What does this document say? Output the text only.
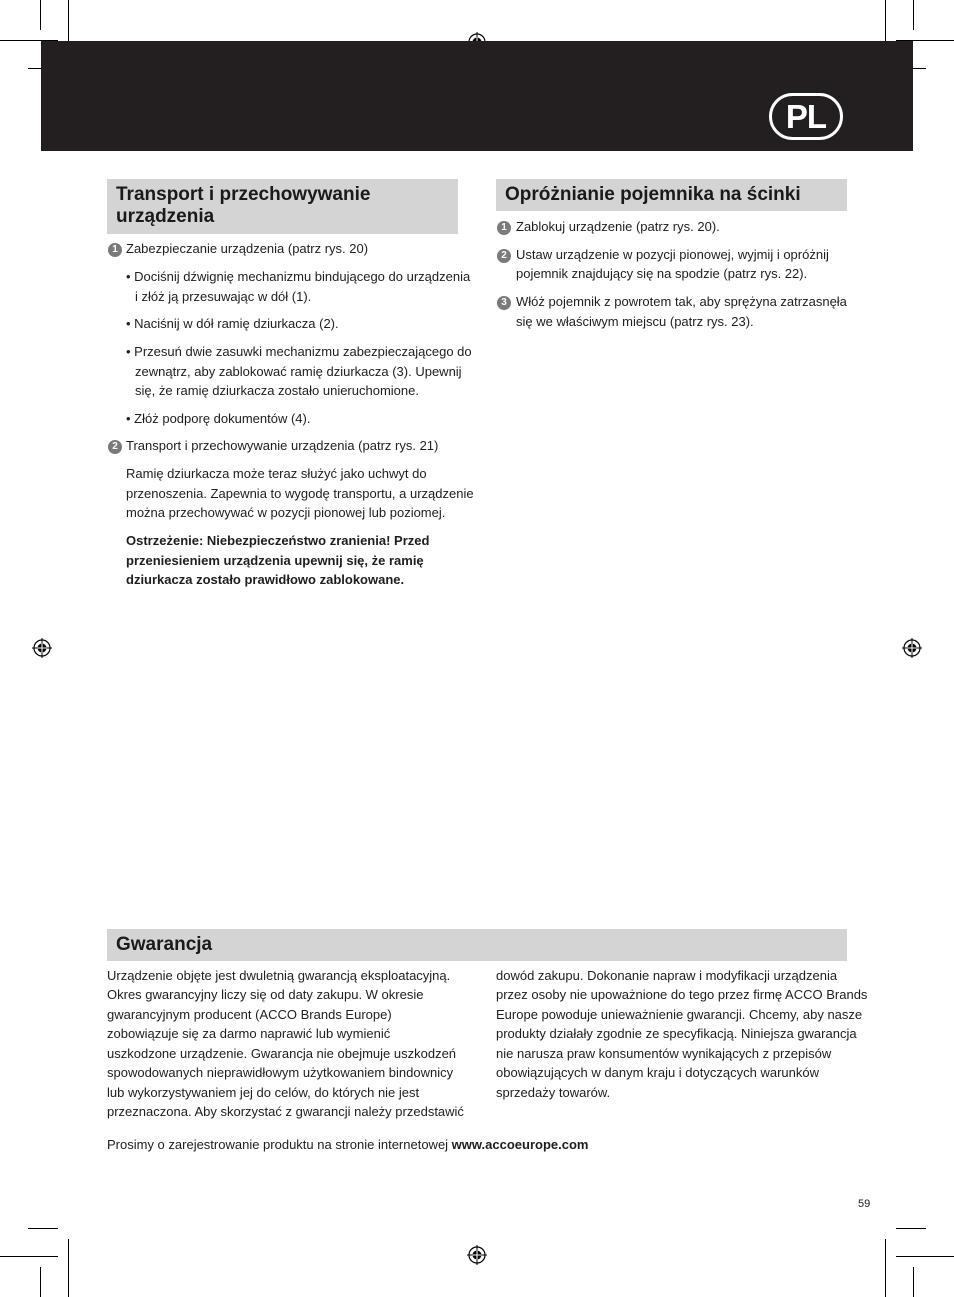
PL
Transport i przechowywanie urządzenia
1 Zabezpieczanie urządzenia (patrz rys. 20)
• Dociśnij dźwignię mechanizmu bindującego do urządzenia
i złóż ją przesuwając w dół (1).
• Naciśnij w dół ramię dziurkacza (2).
• Przesuń dwie zasuwki mechanizmu zabezpieczającego do
zewnątrz, aby zablokować ramię dziurkacza (3). Upewnij
się, że ramię dziurkacza zostało unieruchomione.
• Złóż podporę dokumentów (4).
2 Transport i przechowywanie urządzenia (patrz rys. 21)
Ramię dziurkacza może teraz służyć jako uchwyt do
przenoszenia. Zapewnia to wygodę transportu, a urządzenie
można przechowywać w pozycji pionowej lub poziomej.
Ostrzeżenie: Niebezpieczeństwo zranienia! Przed
przeniesieniem urządzenia upewnij się, że ramię
dziurkacza zostało prawidłowo zablokowane.
Opróżnianie pojemnika na ścinki
1 Zablokuj urządzenie (patrz rys. 20).
2 Ustaw urządzenie w pozycji pionowej, wyjmij i opróżnij
pojemnik znajdujący się na spodzie (patrz rys. 22).
3 Włóż pojemnik z powrotem tak, aby sprężyna zatrzasnęła
się we właściwym miejscu (patrz rys. 23).
Gwarancja
Urządzenie objęte jest dwuletnią gwarancją eksploatacyjną.
Okres gwarancyjny liczy się od daty zakupu. W okresie
gwarancyjnym producent (ACCO Brands Europe)
zobowiązuje się za darmo naprawić lub wymienić
uszkodzone urządzenie. Gwarancja nie obejmuje uszkodzeń
spowodowanych nieprawidłowym użytkowaniem bindownicy
lub wykorzystywaniem jej do celów, do których nie jest
przeznaczona. Aby skorzystać z gwarancji należy przedstawić
dowód zakupu. Dokonanie napraw i modyfikacji urządzenia
przez osoby nie upoważnione do tego przez firmę ACCO Brands
Europe powoduje unieważnienie gwarancji. Chcemy, aby nasze
produkty działały zgodnie ze specyfikacją. Niniejsza gwarancja
nie narusza praw konsumentów wynikających z przepisów
obowiązujących w danym kraju i dotyczących warunków
sprzedaży towarów.
Prosimy o zarejestrowanie produktu na stronie internetowej www.accoeurope.com
59
